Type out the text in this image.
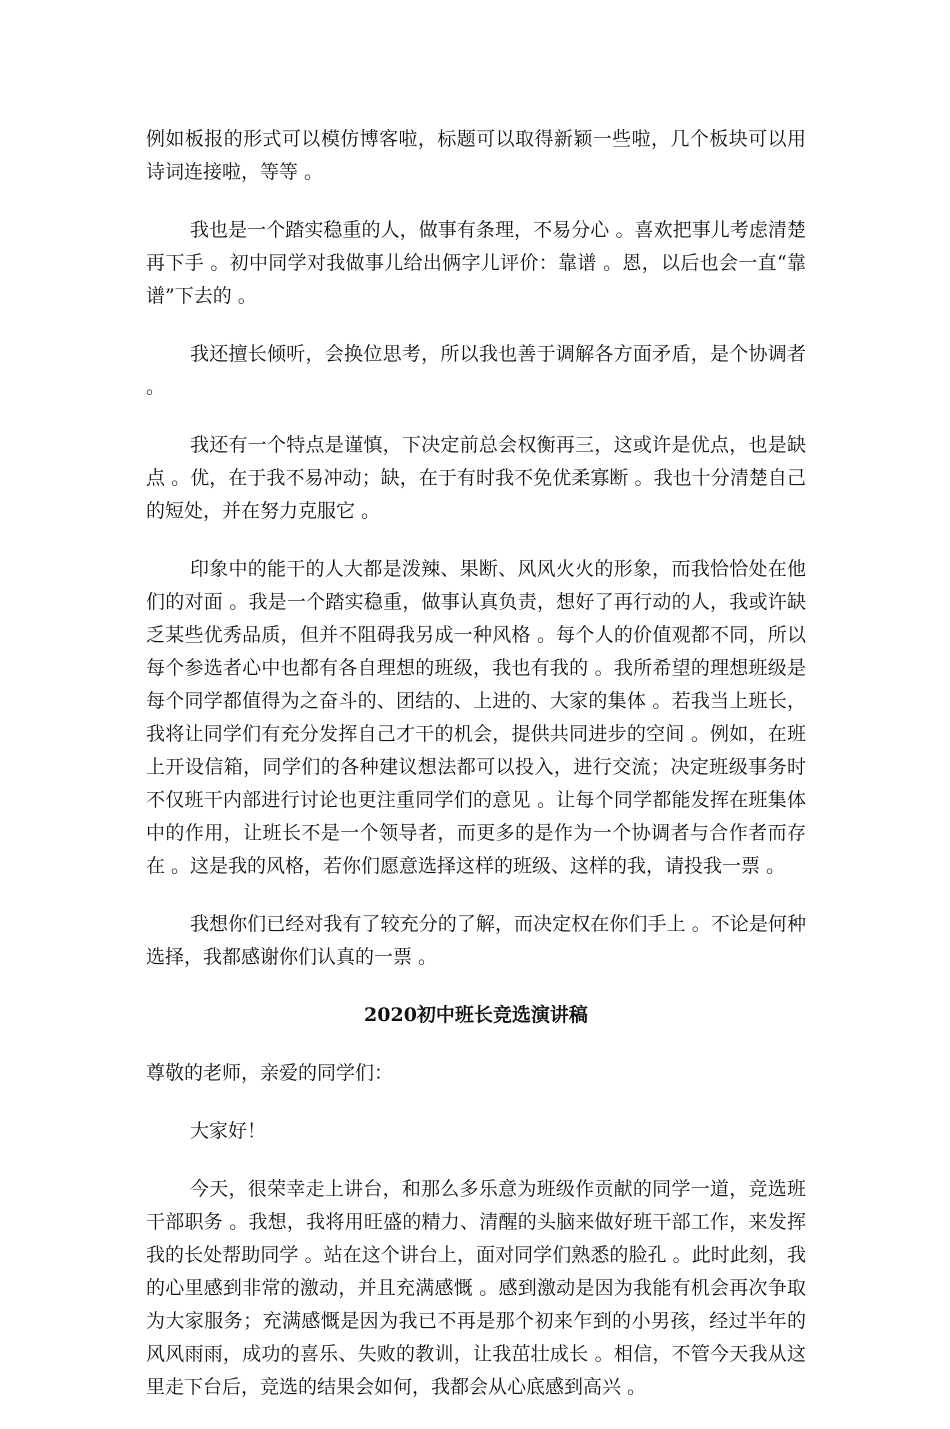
例如板报的形式可以模仿博客啦，标题可以取得新颖一些啦，几个板块可以用诗词连接啦，等等 。

我也是一个踏实稳重的人，做事有条理，不易分心 。喜欢把事儿考虑清楚再下手 。初中同学对我做事儿给出俩字儿评价：靠谱 。恩，以后也会一直“靠谱”下去的 。

我还擅长倾听，会换位思考，所以我也善于调解各方面矛盾，是个协调者 。

我还有一个特点是谨慎，下决定前总会权衡再三，这或许是优点，也是缺点 。优，在于我不易冲动；缺，在于有时我不免优柔寡断 。我也十分清楚自己的短处，并在努力克服它 。

印象中的能干的人大都是泼辣、果断、风风火火的形象，而我恰恰处在他们的对面 。我是一个踏实稳重，做事认真负责，想好了再行动的人，我或许缺乏某些优秀品质，但并不阻碍我另成一种风格 。每个人的价值观都不同，所以每个参选者心中也都有各自理想的班级，我也有我的 。我所希望的理想班级是每个同学都值得为之奋斗的、团结的、上进的、大家的集体 。若我当上班长，我将让同学们有充分发挥自己才干的机会，提供共同进步的空间 。例如，在班上开设信箱，同学们的各种建议想法都可以投入，进行交流；决定班级事务时不仅班干内部进行讨论也更注重同学们的意见 。让每个同学都能发挥在班集体中的作用，让班长不是一个领导者，而更多的是作为一个协调者与合作者而存在 。这是我的风格，若你们愿意选择这样的班级、这样的我，请投我一票 。

我想你们已经对我有了较充分的了解，而决定权在你们手上 。不论是何种选择，我都感谢你们认真的一票 。

2020初中班长竞选演讲稿

尊敬的老师，亲爱的同学们：

大家好！

今天，很荣幸走上讲台，和那么多乐意为班级作贡献的同学一道，竞选班干部职务 。我想，我将用旺盛的精力、清醒的头脑来做好班干部工作，来发挥我的长处帮助同学 。站在这个讲台上，面对同学们熟悉的脸孔 。此时此刻，我的心里感到非常的激动，并且充满感慨 。感到激动是因为我能有机会再次争取为大家服务；充满感慨是因为我已不再是那个初来乍到的小男孩，经过半年的风风雨雨，成功的喜乐、失败的教训，让我茁壮成长 。相信，不管今天我从这里走下台后，竞选的结果会如何，我都会从心底感到高兴 。
